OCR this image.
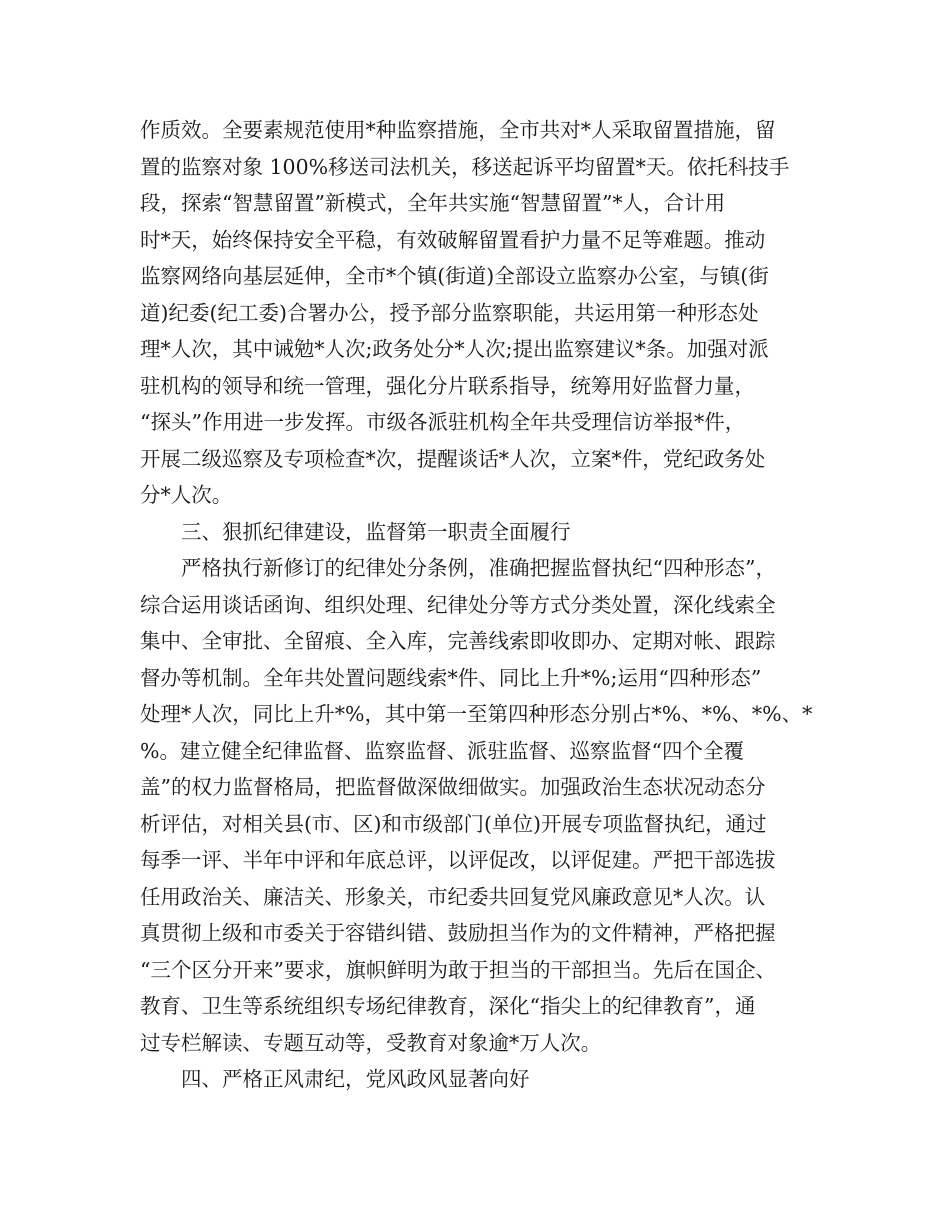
作质效。全要素规范使用*种监察措施，全市共对*人采取留置措施，留
置的监察对象 100%移送司法机关，移送起诉平均留置*天。依托科技手
段，探索“智慧留置”新模式，全年共实施“智慧留置”*人，合计用
时*天，始终保持安全平稳，有效破解留置看护力量不足等难题。推动
监察网络向基层延伸，全市*个镇(街道)全部设立监察办公室，与镇(街
道)纪委(纪工委)合署办公，授予部分监察职能，共运用第一种形态处
理*人次，其中诫勉*人次;政务处分*人次;提出监察建议*条。加强对派
驻机构的领导和统一管理，强化分片联系指导，统筹用好监督力量，
“探头”作用进一步发挥。市级各派驻机构全年共受理信访举报*件，
开展二级巡察及专项检查*次，提醒谈话*人次，立案*件，党纪政务处
分*人次。
三、狠抓纪律建设，监督第一职责全面履行
严格执行新修订的纪律处分条例，准确把握监督执纪“四种形态”，
综合运用谈话函询、组织处理、纪律处分等方式分类处置，深化线索全
集中、全审批、全留痕、全入库，完善线索即收即办、定期对帐、跟踪
督办等机制。全年共处置问题线索*件、同比上升*%;运用“四种形态”
处理*人次，同比上升*%，其中第一至第四种形态分别占*%、*%、*%、*
%。建立健全纪律监督、监察监督、派驻监督、巡察监督“四个全覆
盖”的权力监督格局，把监督做深做细做实。加强政治生态状况动态分
析评估，对相关县(市、区)和市级部门(单位)开展专项监督执纪，通过
每季一评、半年中评和年底总评，以评促改，以评促建。严把干部选拔
任用政治关、廉洁关、形象关，市纪委共回复党风廉政意见*人次。认
真贯彻上级和市委关于容错纠错、鼓励担当作为的文件精神，严格把握
“三个区分开来”要求，旗帜鲜明为敢于担当的干部担当。先后在国企、
教育、卫生等系统组织专场纪律教育，深化“指尖上的纪律教育”，通
过专栏解读、专题互动等，受教育对象逾*万人次。
四、严格正风肃纪，党风政风显著向好
